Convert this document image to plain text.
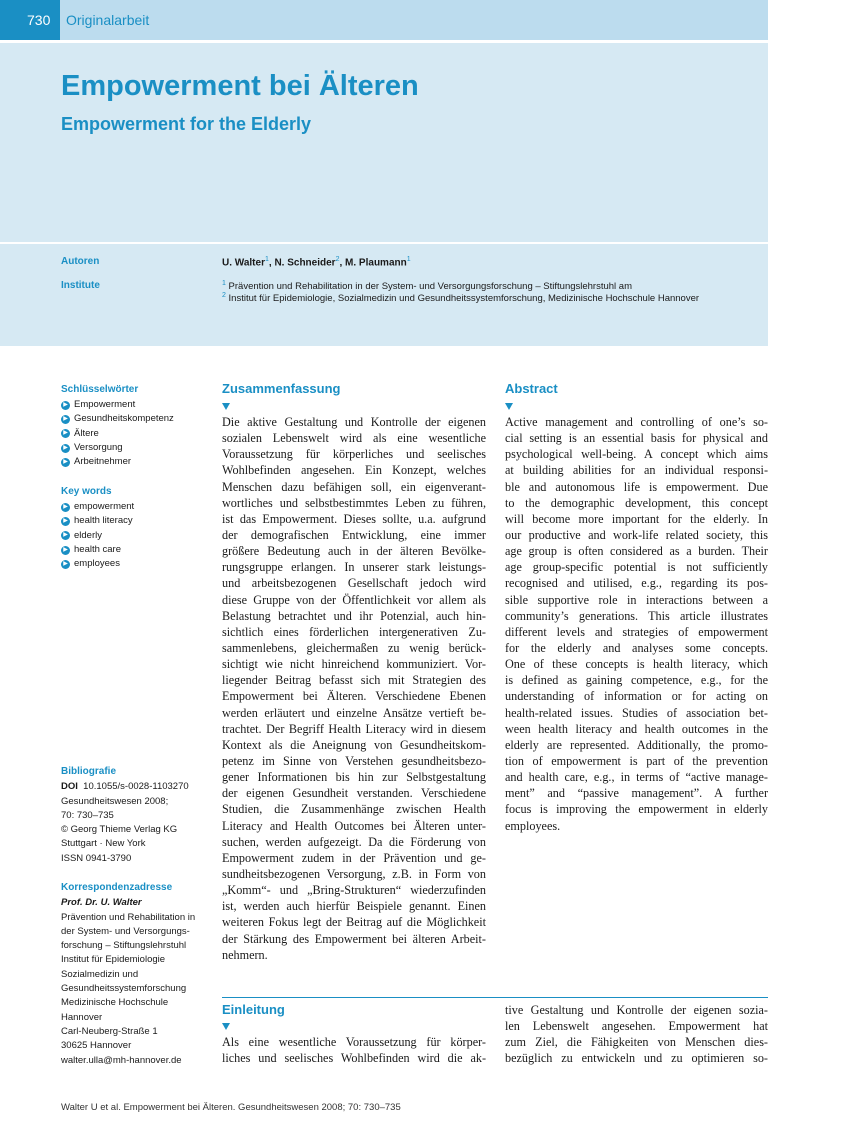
730	Originalarbeit
Empowerment bei Älteren
Empowerment for the Elderly
Autoren
Institute
U. Walter$^1$, N. Schneider$^2$, M. Plaumann$^1$
$^1$ Prävention und Rehabilitation in der System- und Versorgungsforschung – Stiftungslehrstuhl am
$^2$ Institut für Epidemiologie, Sozialmedizin und Gesundheitssystemforschung, Medizinische Hochschule Hannover
Schlüsselwörter
▶ Empowerment
▶ Gesundheitskompetenz
▶ Ältere
▶ Versorgung
▶ Arbeitnehmer
Key words
▶ empowerment
▶ health literacy
▶ elderly
▶ health care
▶ employees
Bibliografie
DOI 10.1055/s-0028-1103270
Gesundheitswesen 2008;
70: 730–735
© Georg Thieme Verlag KG
Stuttgart · New York
ISSN 0941-3790
Korrespondenzadresse
Prof. Dr. U. Walter
Prävention und Rehabilitation in
der System- und Versorgungs-
forschung – Stiftungslehrstuhl
Institut für Epidemiologie
Sozialmedizin und
Gesundheitssystemforschung
Medizinische Hochschule
Hannover
Carl-Neuberg-Straße 1
30625 Hannover
walter.ulla@mh-hannover.de
Zusammenfassung
Die aktive Gestaltung und Kontrolle der eigenen
sozialen Lebenswelt wird als eine wesentliche
Voraussetzung für körperliches und seelisches
Wohlbefinden angesehen. Ein Konzept, welches
Menschen dazu befähigen soll, ein eigenverant-
wortliches und selbstbestimmtes Leben zu führen,
ist das Empowerment. Dieses sollte, u.a. aufgrund
der demografischen Entwicklung, eine immer
größere Bedeutung auch in der älteren Bevölke-
rungsgruppe erlangen. In unserer stark leistungs-
und arbeitsbezogenen Gesellschaft jedoch wird
diese Gruppe von der Öffentlichkeit vor allem als
Belastung betrachtet und ihr Potenzial, auch hin-
sichtlich eines förderlichen intergenerativen Zu-
sammenlebens, gleichermaßen zu wenig berück-
sichtigt wie nicht hinreichend kommuniziert. Vor-
liegender Beitrag befasst sich mit Strategien des
Empowerment bei Älteren. Verschiedene Ebenen
werden erläutert und einzelne Ansätze vertieft be-
trachtet. Der Begriff Health Literacy wird in diesem
Kontext als die Aneignung von Gesundheitskom-
petenz im Sinne von Verstehen gesundheitsbezo-
gener Informationen bis hin zur Selbstgestaltung
der eigenen Gesundheit verstanden. Verschiedene
Studien, die Zusammenhänge zwischen Health
Literacy and Health Outcomes bei Älteren unter-
suchen, werden aufgezeigt. Da die Förderung von
Empowerment zudem in der Prävention und ge-
sundheitsbezogenen Versorgung, z.B. in Form von
„Komm“- und „Bring-Strukturen“ wiederzufinden
ist, werden auch hierfür Beispiele genannt. Einen
weiteren Fokus legt der Beitrag auf die Möglichkeit
der Stärkung des Empowerment bei älteren Arbeit-
nehmern.
Abstract
Active management and controlling of one’s so-
cial setting is an essential basis for physical and
psychological well-being. A concept which aims
at building abilities for an individual responsi-
ble and autonomous life is empowerment. Due
to the demographic development, this concept
will become more important for the elderly. In
our productive and work-life related society, this
age group is often considered as a burden. Their
age group-specific potential is not sufficiently
recognised and utilised, e.g., regarding its pos-
sible supportive role in interactions between a
community’s generations. This article illustrates
different levels and strategies of empowerment
for the elderly and analyses some concepts.
One of these concepts is health literacy, which
is defined as gaining competence, e.g., for the
understanding of information or for acting on
health-related issues. Studies of association bet-
ween health literacy and health outcomes in the
elderly are represented. Additionally, the promo-
tion of empowerment is part of the prevention
and health care, e.g., in terms of “active manage-
ment” and “passive management”. A further
focus is improving the empowerment in elderly
employees.
Einleitung
Als eine wesentliche Voraussetzung für körper-
liches und seelisches Wohlbefinden wird die ak-
tive Gestaltung und Kontrolle der eigenen sozia-
len Lebenswelt angesehen. Empowerment hat
zum Ziel, die Fähigkeiten von Menschen dies-
bezüglich zu entwickeln und zu optimieren so-
Walter U et al. Empowerment bei Älteren. Gesundheitswesen 2008; 70: 730–735
